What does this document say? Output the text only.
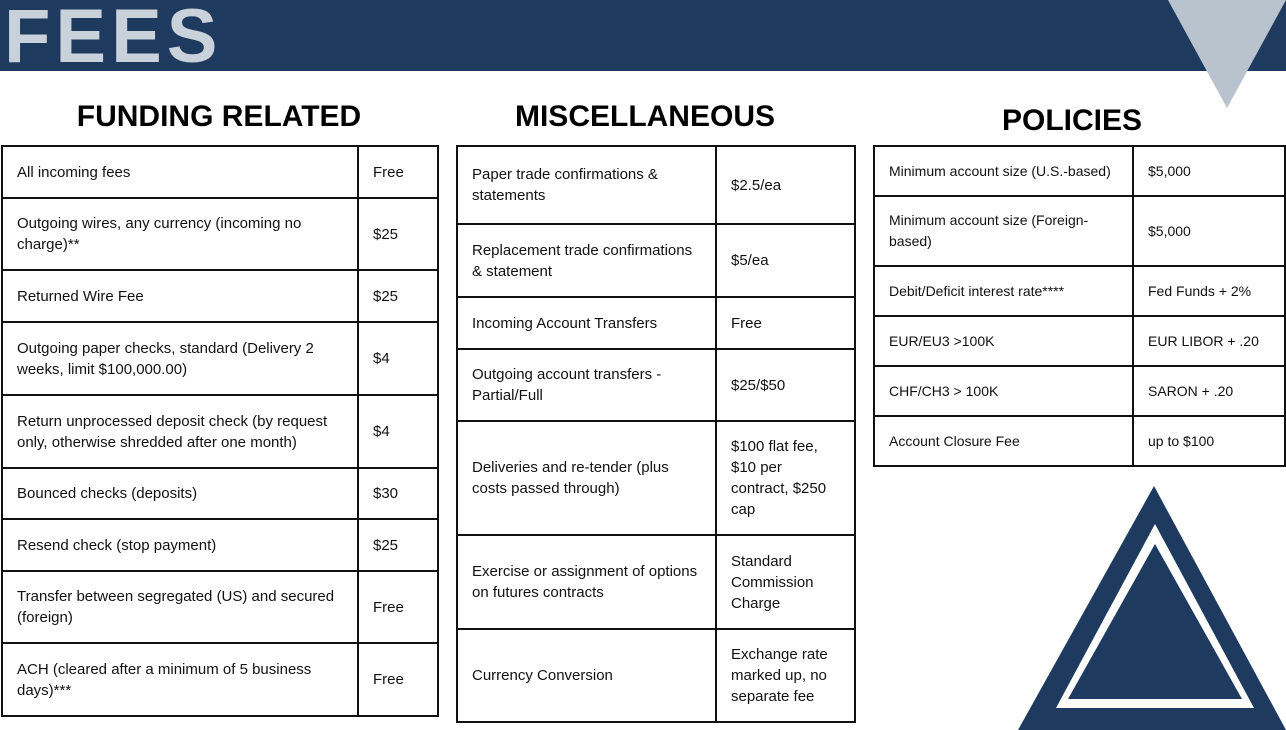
FEES
FUNDING RELATED
All incoming fees	Free
Outgoing wires, any currency (incoming no charge)**	$25
Returned Wire Fee	$25
Outgoing paper checks, standard (Delivery 2 weeks, limit $100,000.00)	$4
Return unprocessed deposit check (by request only, otherwise shredded after one month)	$4
Bounced checks (deposits)	$30
Resend check (stop payment)	$25
Transfer between segregated (US) and secured (foreign)	Free
ACH (cleared after a minimum of 5 business days)***	Free
MISCELLANEOUS
Paper trade confirmations & statements	$2.5/ea
Replacement trade confirmations & statement	$5/ea
Incoming Account Transfers	Free
Outgoing account transfers - Partial/Full	$25/$50
Deliveries and re-tender (plus costs passed through)	$100 flat fee, $10 per contract, $250 cap
Exercise or assignment of options on futures contracts	Standard Commission Charge
Currency Conversion	Exchange rate marked up, no separate fee
POLICIES
Minimum account size (U.S.-based)	$5,000
Minimum account size (Foreign-based)	$5,000
Debit/Deficit interest rate****	Fed Funds + 2%
EUR/EU3 >100K	EUR LIBOR + .20
CHF/CH3 > 100K	SARON + .20
Account Closure Fee	up to $100
